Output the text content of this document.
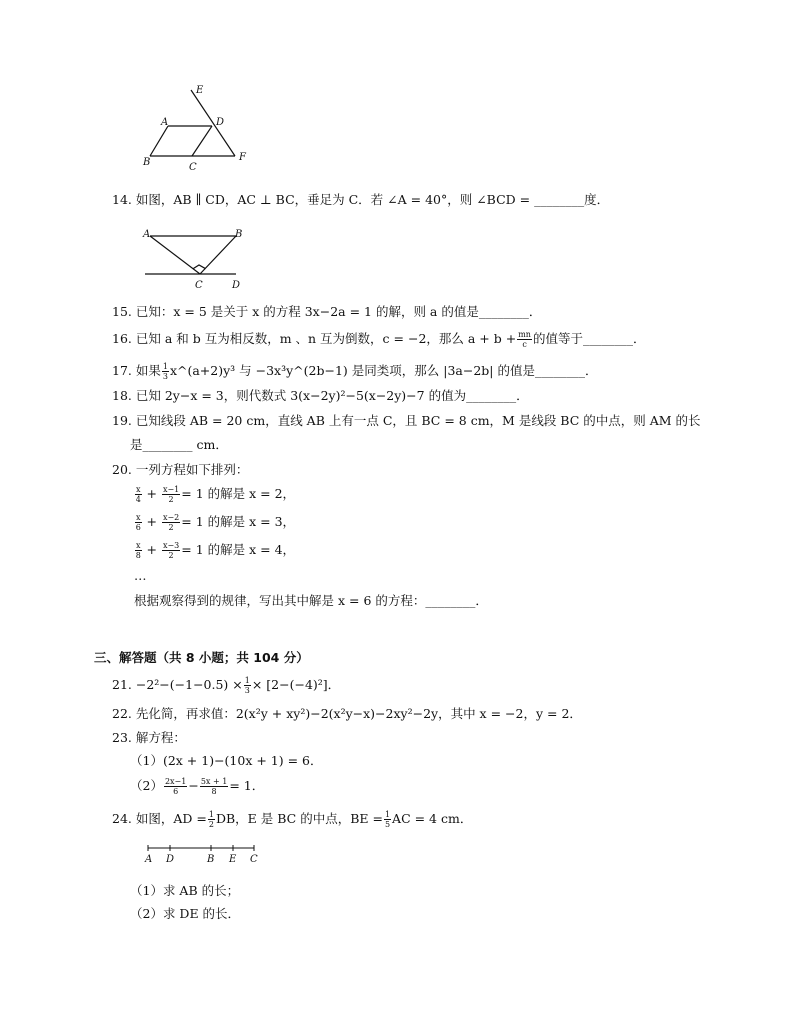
E
A	D
B	C
F
14. 如图，AB ∥ CD，AC ⊥ BC，垂足为 C．若 ∠A = 40°，则 ∠BCD = ________度．
A	B
C	D
15. 已知：x = 5 是关于 x 的方程 3x−2a = 1 的解，则 a 的值是________．
16. 已知 a 和 b 互为相反数，m 、n 互为倒数，c = −2，那么 $a + b + \frac{mn}{c}$ 的值等于________．
17. 如果 $\frac{1}{3}$ x^(a+2)y³ 与 −3x³y^(2b−1) 是同类项，那么 |3a−2b| 的值是________．
18. 已知 2y−x = 3，则代数式 3(x−2y)²−5(x−2y)−7 的值为________．
19. 已知线段 AB = 20 cm，直线 AB 上有一点 C，且 BC = 8 cm，M 是线段 BC 的中点，则 AM 的长
是________ cm．
20. 一列方程如下排列：
$\frac{x}{4} + \frac{x-1}{2} = 1$ 的解是 x = 2，
$\frac{x}{6} + \frac{x-2}{2} = 1$ 的解是 x = 3，
$\frac{x}{8} + \frac{x-3}{2} = 1$ 的解是 x = 4，
…
根据观察得到的规律，写出其中解是 x = 6 的方程：________．
三、解答题（共 8 小题；共 104 分）
21. $-2^2-(-1-0.5) \times \frac{1}{3} \times [2-(-4)^2]$．
22. 先化简，再求值：2(x²y + xy²)−2(x²y−x)−2xy²−2y，其中 x = −2，y = 2．
23. 解方程：
（1）(2x + 1)−(10x + 1) = 6．
$(2) \frac{2x-1}{6} - \frac{5x + 1}{8} = 1$．
24. 如图，AD = $\frac{1}{2}$ DB，E 是 BC 的中点，BE = $\frac{1}{5}$ AC = 4 cm．
A D	B E C
（1）求 AB 的长；
（2）求 DE 的长．
